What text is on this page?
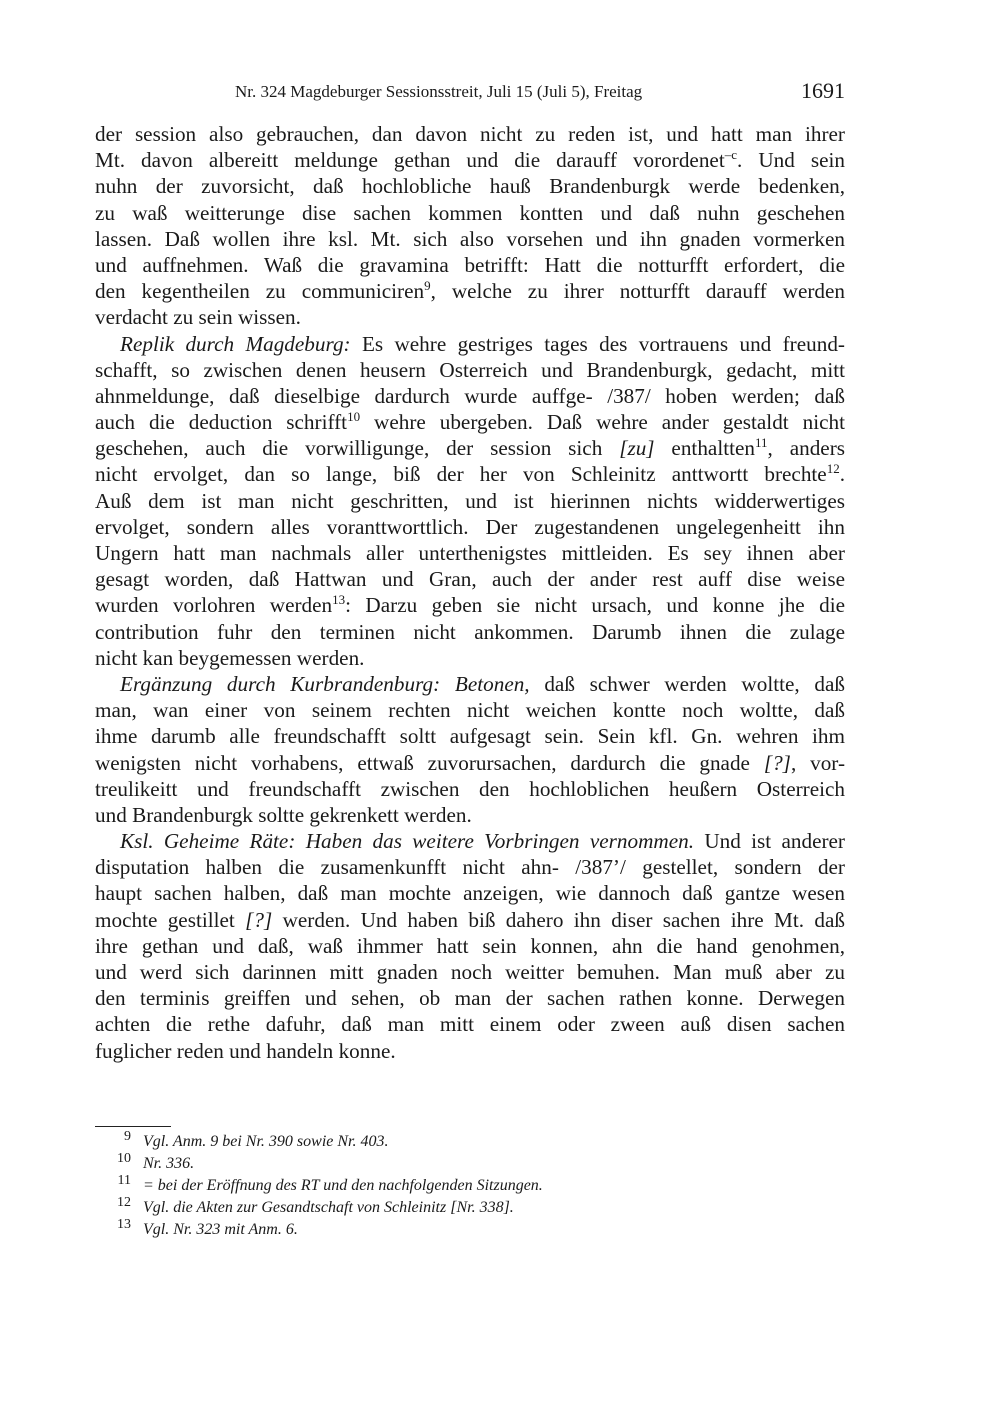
Nr. 324 Magdeburger Sessionsstreit, Juli 15 (Juli 5), Freitag	1691
der session also gebrauchen, dan davon nicht zu reden ist, und hatt man ihrer
Mt. davon albereitt meldunge gethan und die darauff vorordenet$^{-c}$. Und sein
nuhn der zuvorsicht, daß hochlobliche hauß Brandenburgk werde bedenken,
zu waß weitterunge dise sachen kommen kontten und daß nuhn geschehen
lassen. Daß wollen ihre ksl. Mt. sich also vorsehen und ihn gnaden vormerken
und auffnehmen. Waß die gravamina betrifft: Hatt die notturfft erfordert, die
den kegentheilen zu communiciren$^9$, welche zu ihrer notturfft darauff werden
verdacht zu sein wissen.
Replik durch Magdeburg: Es wehre gestriges tages des vortrauens und freund-
schafft, so zwischen denen heusern Osterreich und Brandenburgk, gedacht, mitt
ahnmeldunge, daß dieselbige dardurch wurde auffge- /387/ hoben werden; daß
auch die deduction schrifft$^{10}$ wehre ubergeben. Daß wehre ander gestaldt nicht
geschehen, auch die vorwilligunge, der session sich [zu] enthaltten$^{11}$, anders
nicht ervolget, dan so lange, biß der her von Schleinitz anttwortt brechte$^{12}$.
Auß dem ist man nicht geschritten, und ist hierinnen nichts widderwertiges
ervolget, sondern alles voranttworttlich. Der zugestandenen ungelegenheitt ihn
Ungern hatt man nachmals aller unterthenigstes mittleiden. Es sey ihnen aber
gesagt worden, daß Hattwan und Gran, auch der ander rest auff dise weise
wurden vorlohren werden$^{13}$: Darzu geben sie nicht ursach, und konne jhe die
contribution fuhr den terminen nicht ankommen. Darumb ihnen die zulage
nicht kan beygemessen werden.
Ergänzung durch Kurbrandenburg: Betonen, daß schwer werden woltte, daß
man, wan einer von seinem rechten nicht weichen kontte noch woltte, daß
ihme darumb alle freundschafft soltt aufgesagt sein. Sein kfl. Gn. wehren ihm
wenigsten nicht vorhabens, ettwaß zuvorursachen, dardurch die gnade [?], vor-
treulikeitt und freundschafft zwischen den hochloblichen heußern Osterreich
und Brandenburgk soltte gekrenkett werden.
Ksl. Geheime Räte: Haben das weitere Vorbringen vernommen. Und ist anderer
disputation halben die zusamenkunfft nicht ahn- /387’/ gestellet, sondern der
haupt sachen halben, daß man mochte anzeigen, wie dannoch daß gantze wesen
mochte gestillet [?] werden. Und haben biß dahero ihn diser sachen ihre Mt. daß
ihre gethan und daß, waß ihmmer hatt sein konnen, ahn die hand genohmen,
und werd sich darinnen mitt gnaden noch weitter bemuhen. Man muß aber zu
den terminis greiffen und sehen, ob man der sachen rathen konne. Derwegen
achten die rethe dafuhr, daß man mitt einem oder zween auß disen sachen
fuglicher reden und handeln konne.
9 Vgl. Anm. 9 bei Nr. 390 sowie Nr. 403.
10 Nr. 336.
11 = bei der Eröffnung des RT und den nachfolgenden Sitzungen.
12 Vgl. die Akten zur Gesandtschaft von Schleinitz [Nr. 338].
13 Vgl. Nr. 323 mit Anm. 6.
